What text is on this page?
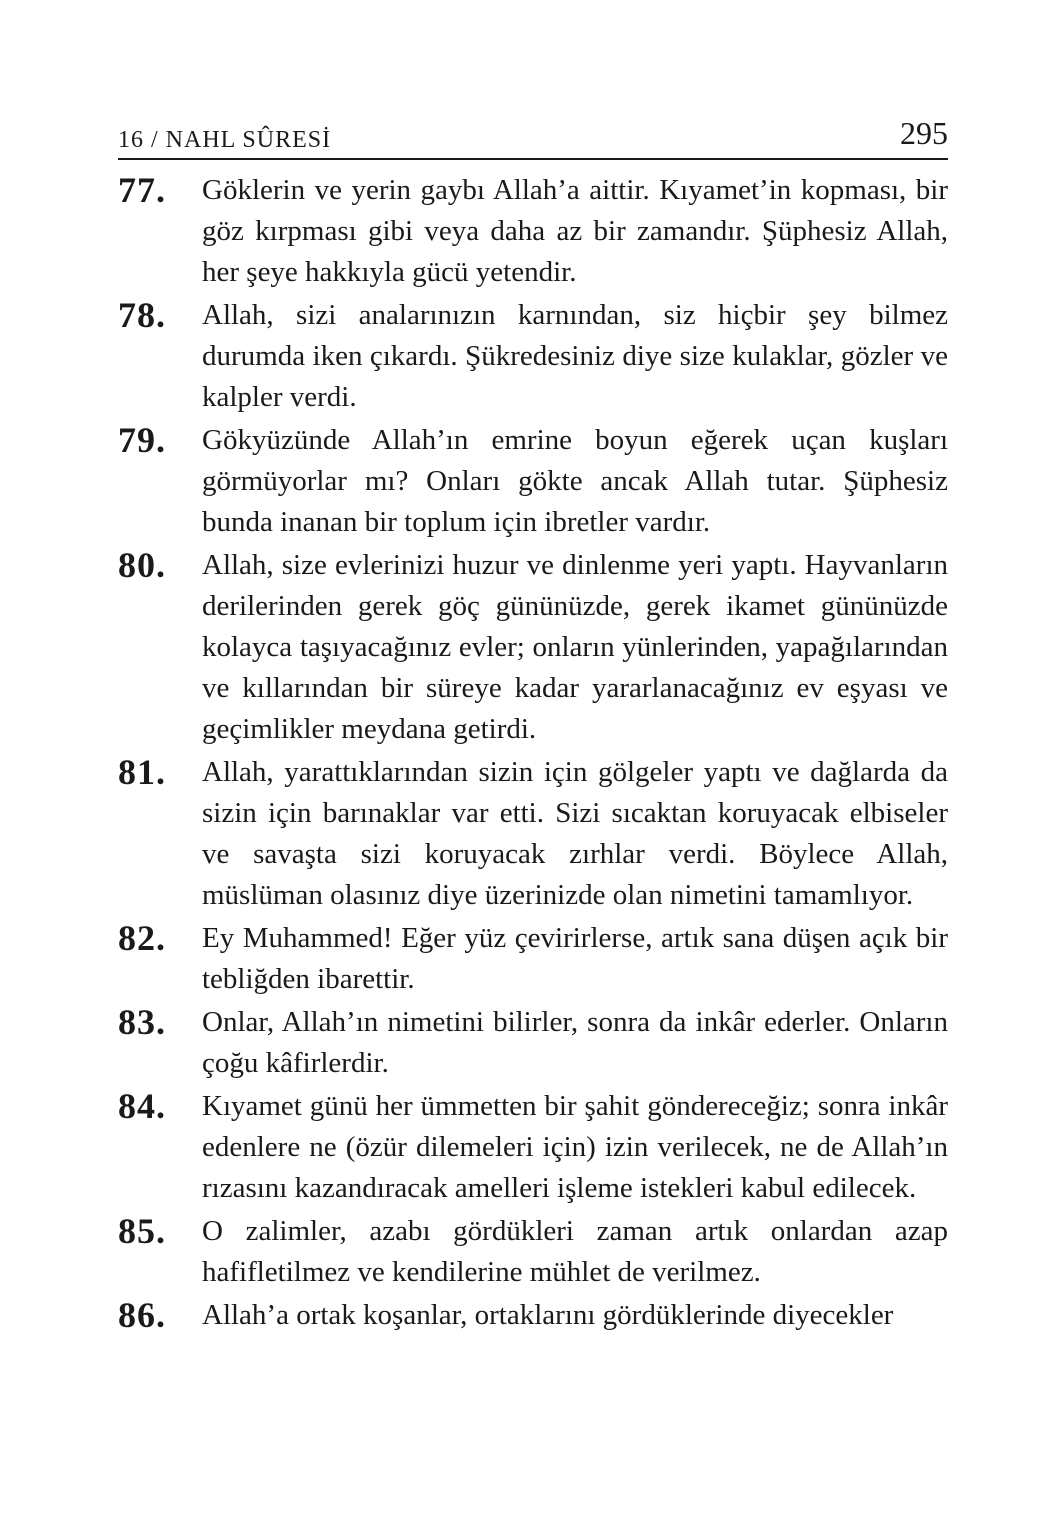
16 / NAHL SÛRESİ	295
77.	Göklerin ve yerin gaybı Allah’a aittir. Kıyamet’in kopması, bir göz kırpması gibi veya daha az bir zamandır. Şüphesiz Allah, her şeye hakkıyla gücü yetendir.
78.	Allah, sizi analarınızın karnından, siz hiçbir şey bilmez durumda iken çıkardı. Şükredesiniz diye size kulaklar, gözler ve kalpler verdi.
79.	Gökyüzünde Allah’ın emrine boyun eğerek uçan kuşları görmüyorlar mı? Onları gökte ancak Allah tutar. Şüphesiz bunda inanan bir toplum için ibretler vardır.
80.	Allah, size evlerinizi huzur ve dinlenme yeri yaptı. Hayvanların derilerinden gerek göç gününüzde, gerek ikamet gününüzde kolayca taşıyacağınız evler; onların yünlerinden, yapağılarından ve kıllarından bir süreye kadar yararlanacağınız ev eşyası ve geçimlikler meydana getirdi.
81.	Allah, yarattıklarından sizin için gölgeler yaptı ve dağlarda da sizin için barınaklar var etti. Sizi sıcaktan koruyacak elbiseler ve savaşta sizi koruyacak zırhlar verdi. Böylece Allah, müslüman olasınız diye üzerinizde olan nimetini tamamlıyor.
82.	Ey Muhammed! Eğer yüz çevirirlerse, artık sana düşen açık bir tebliğden ibarettir.
83.	Onlar, Allah’ın nimetini bilirler, sonra da inkâr ederler. Onların çoğu kâfirlerdir.
84.	Kıyamet günü her ümmetten bir şahit göndereceğiz; sonra inkâr edenlere ne (özür dilemeleri için) izin verilecek, ne de Allah’ın rızasını kazandıracak amelleri işleme istekleri kabul edilecek.
85.	O zalimler, azabı gördükleri zaman artık onlardan azap hafifletilmez ve kendilerine mühlet de verilmez.
86.	Allah’a ortak koşanlar, ortaklarını gördüklerinde diyecekler
